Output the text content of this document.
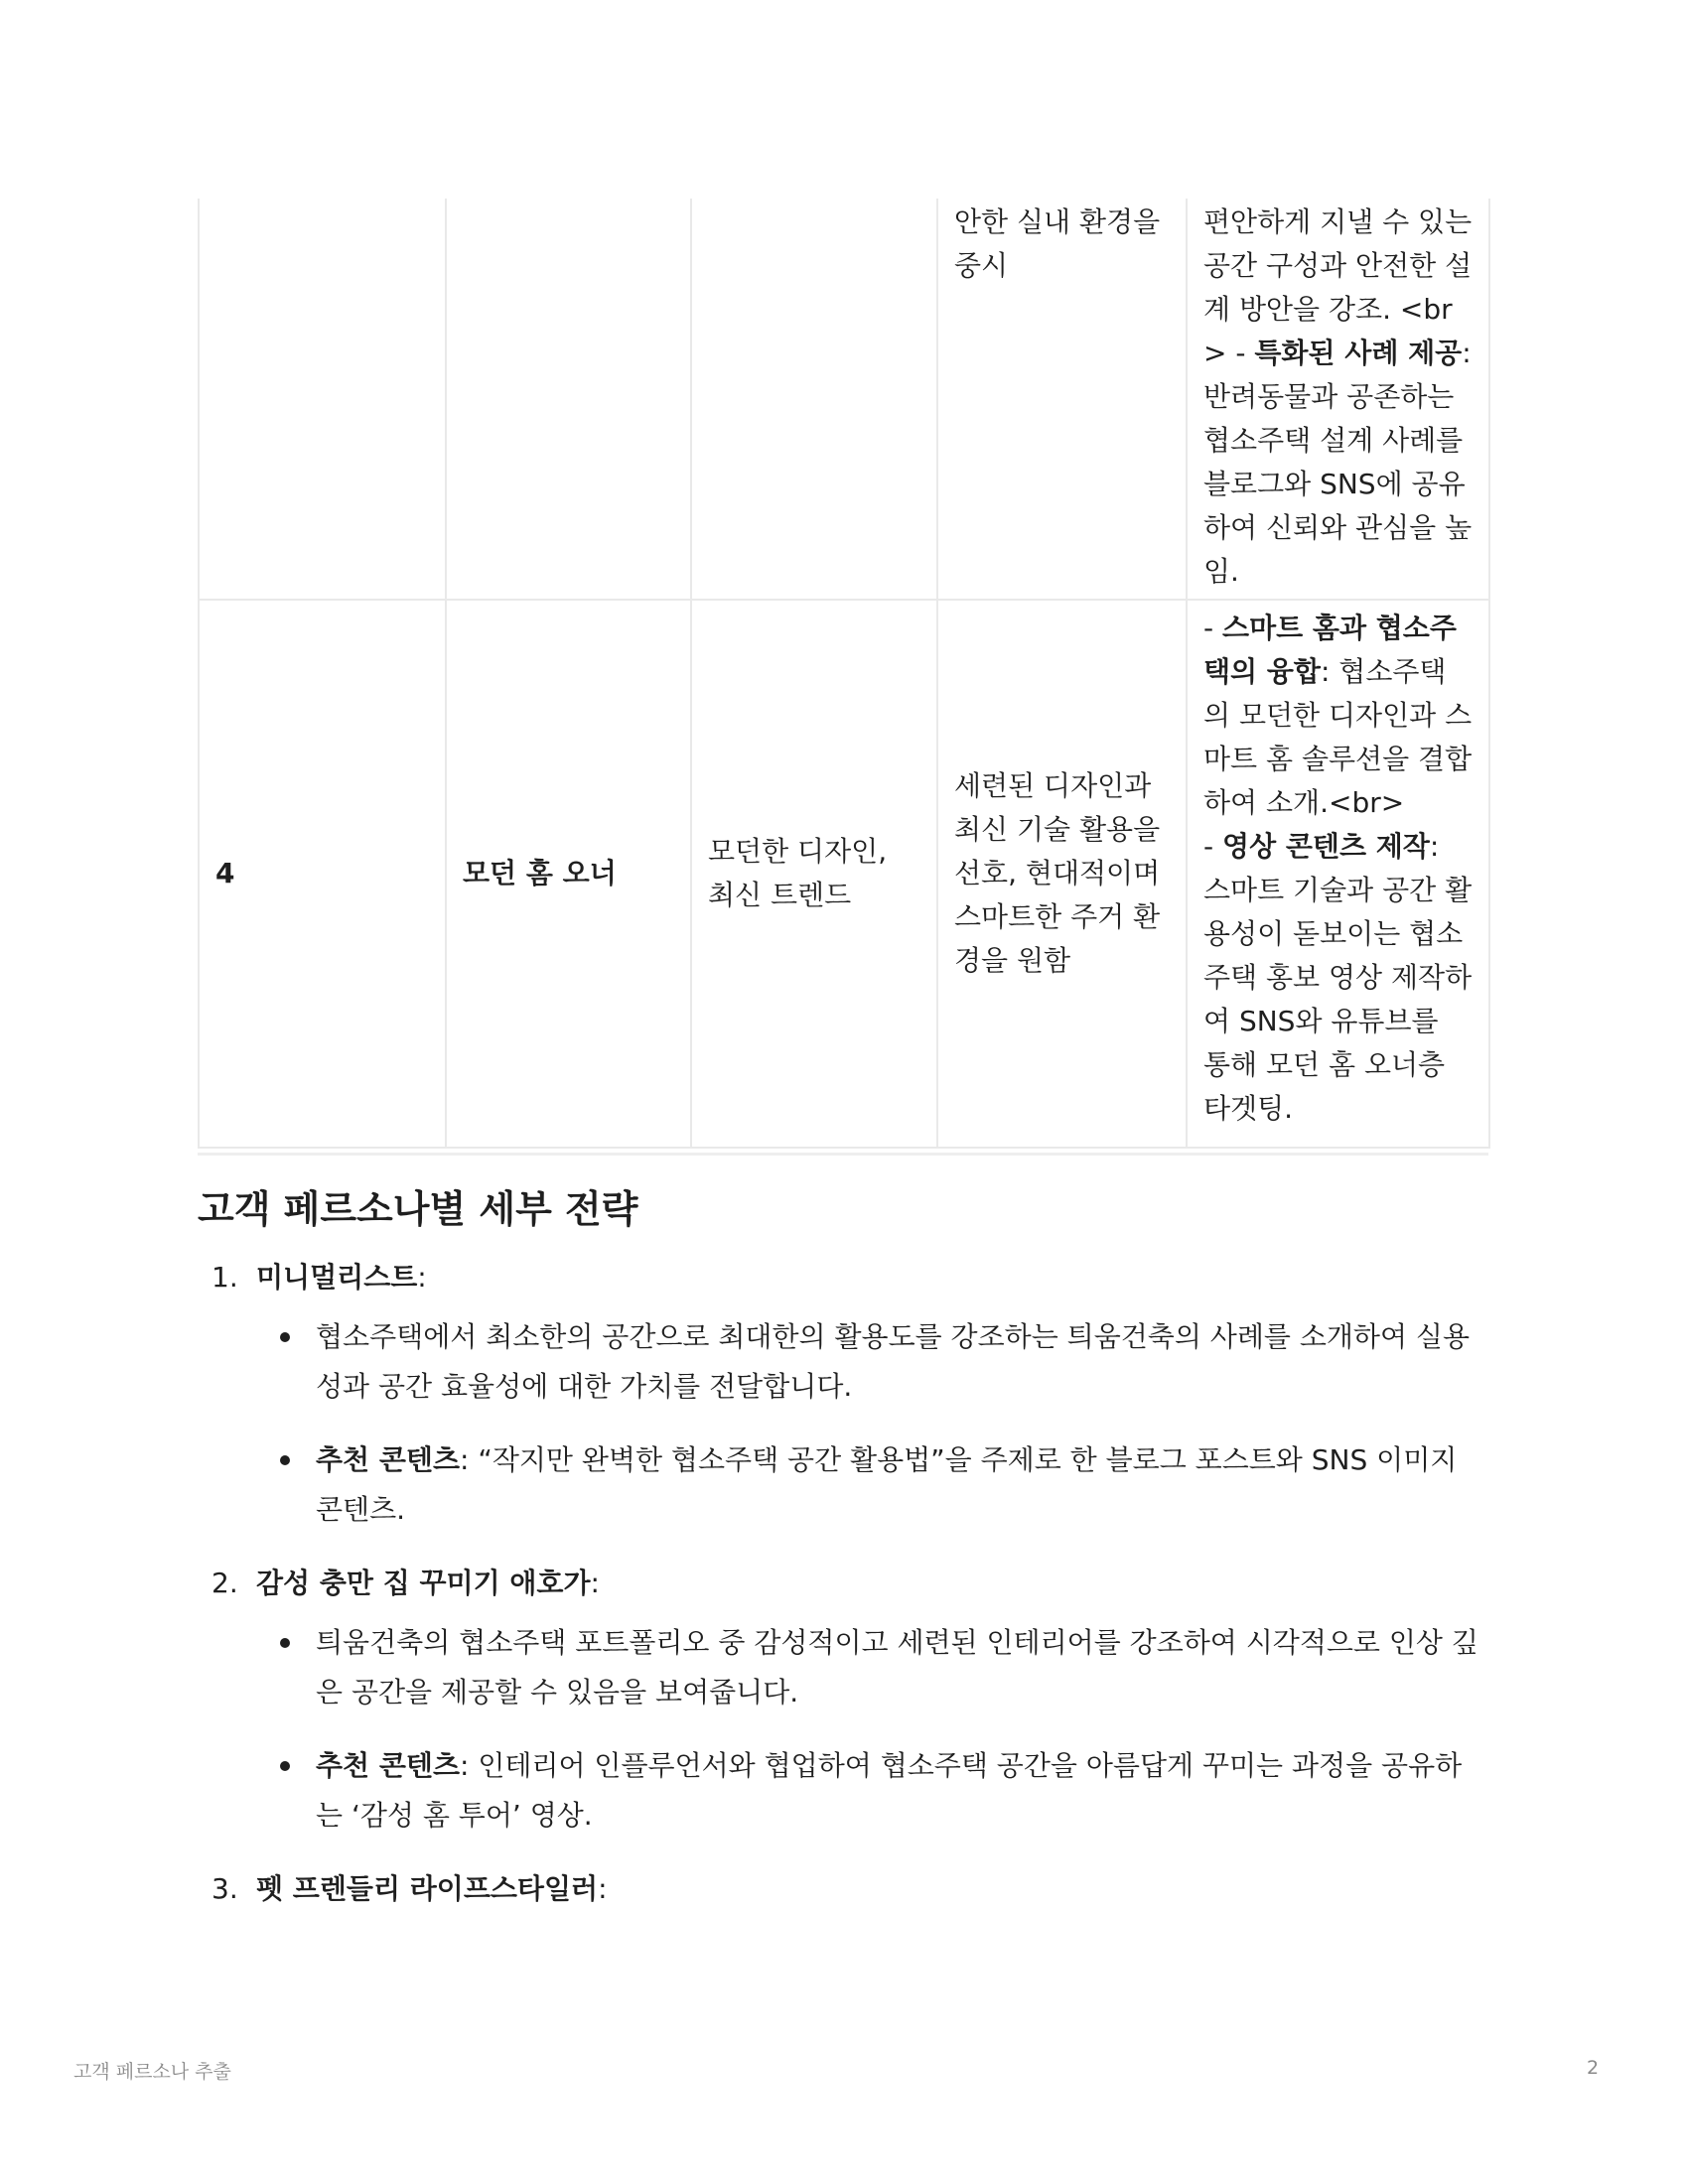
			안한 실내 환경을 중시	편안하게 지낼 수 있는 공간 구성과 안전한 설계 방안을 강조. <br> - 특화된 사례 제공: 반려동물과 공존하는 협소주택 설계 사례를 블로그와 SNS에 공유하여 신뢰와 관심을 높임.
4	모던 홈 오너	모던한 디자인, 최신 트렌드	세련된 디자인과 최신 기술 활용을 선호, 현대적이며 스마트한 주거 환경을 원함	- 스마트 홈과 협소주택의 융합: 협소주택의 모던한 디자인과 스마트 홈 솔루션을 결합하여 소개.<br>
- 영상 콘텐츠 제작: 스마트 기술과 공간 활용성이 돋보이는 협소주택 홍보 영상 제작하여 SNS와 유튜브를 통해 모던 홈 오너층 타겟팅.
고객 페르소나별 세부 전략
1. 미니멀리스트:
협소주택에서 최소한의 공간으로 최대한의 활용도를 강조하는 틔움건축의 사례를 소개하여 실용성과 공간 효율성에 대한 가치를 전달합니다.
추천 콘텐츠: “작지만 완벽한 협소주택 공간 활용법”을 주제로 한 블로그 포스트와 SNS 이미지 콘텐츠.
2. 감성 충만 집 꾸미기 애호가:
틔움건축의 협소주택 포트폴리오 중 감성적이고 세련된 인테리어를 강조하여 시각적으로 인상 깊은 공간을 제공할 수 있음을 보여줍니다.
추천 콘텐츠: 인테리어 인플루언서와 협업하여 협소주택 공간을 아름답게 꾸미는 과정을 공유하는 ‘감성 홈 투어’ 영상.
3. 펫 프렌들리 라이프스타일러:
고객 페르소나 추출	2
